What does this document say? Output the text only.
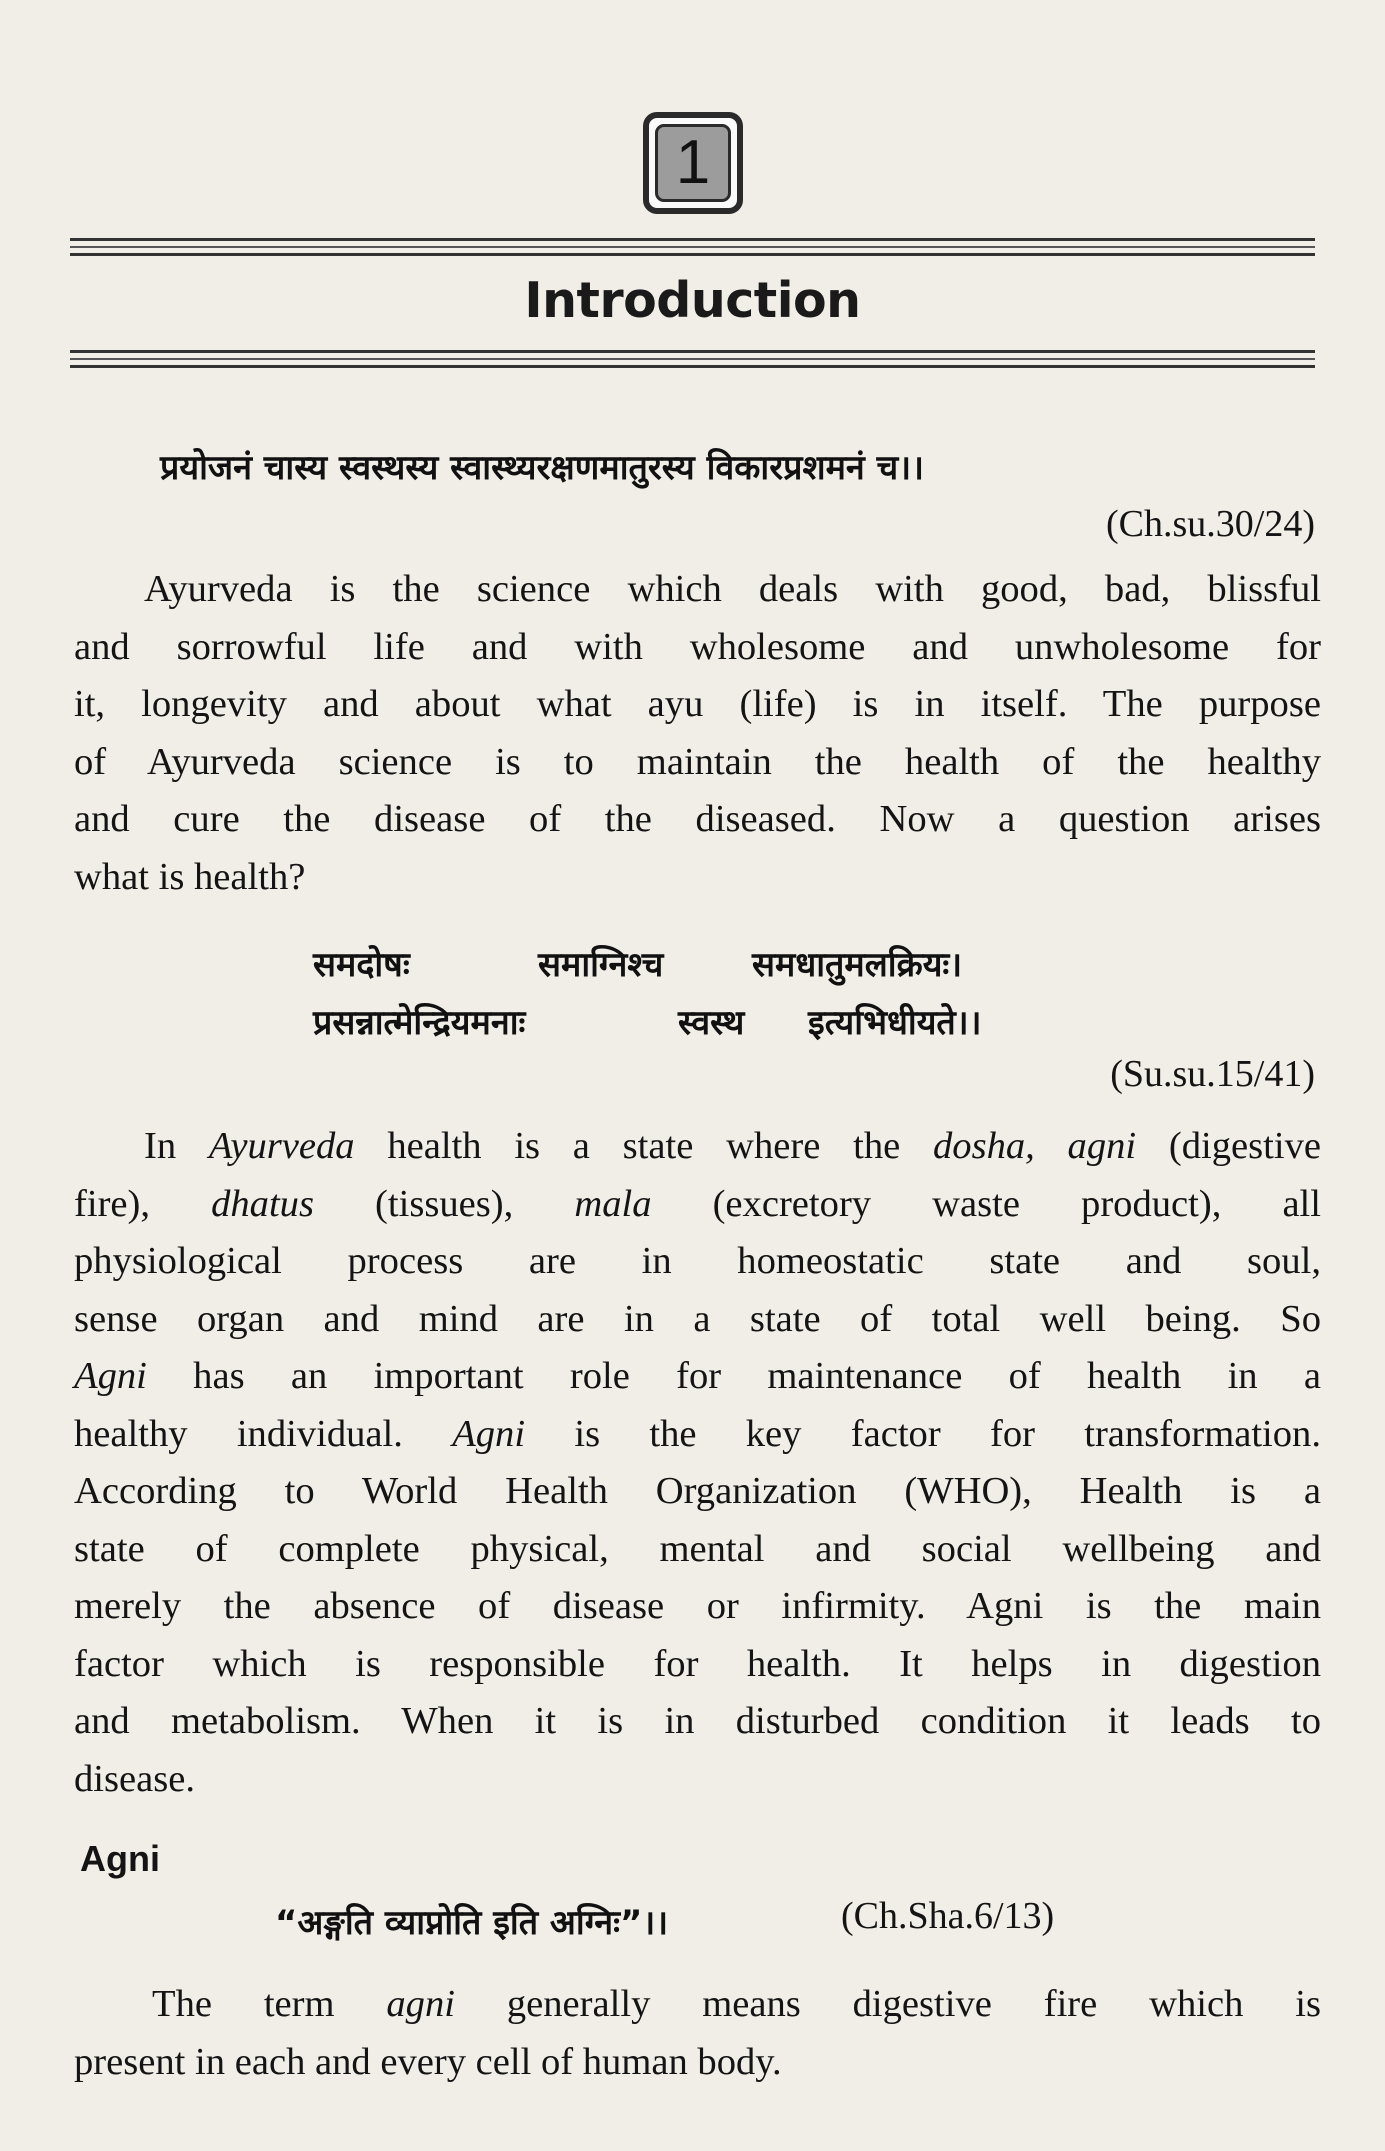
1
Introduction
प्रयोजनं चास्य स्वस्थस्य स्वास्थ्यरक्षणमातुरस्य विकारप्रशमनं च।।
(Ch.su.30/24)

Ayurveda is the science which deals with good, bad, blissful
and sorrowful life and with wholesome and unwholesome for
it, longevity and about what ayu (life) is in itself. The purpose
of Ayurveda science is to maintain the health of the healthy
and cure the disease of the diseased. Now a question arises
what is health?

समदोषः	समाग्निश्च	समधातुमलक्रियः।
प्रसन्नात्मेन्द्रियमनाः	स्वस्थ इत्यभिधीयते।।
(Su.su.15/41)

In Ayurveda health is a state where the dosha, agni (digestive
fire), dhatus (tissues), mala (excretory waste product), all
physiological process are in homeostatic state and soul,
sense organ and mind are in a state of total well being. So
Agni has an important role for maintenance of health in a
healthy individual. Agni is the key factor for transformation.
According to World Health Organization (WHO), Health is a
state of complete physical, mental and social wellbeing and
merely the absence of disease or infirmity. Agni is the main
factor which is responsible for health. It helps in digestion
and metabolism. When it is in disturbed condition it leads to
disease.

Agni
“अङ्गति व्याप्नोति इति अग्निः”।।	(Ch.Sha.6/13)

The term agni generally means digestive fire which is
present in each and every cell of human body.
